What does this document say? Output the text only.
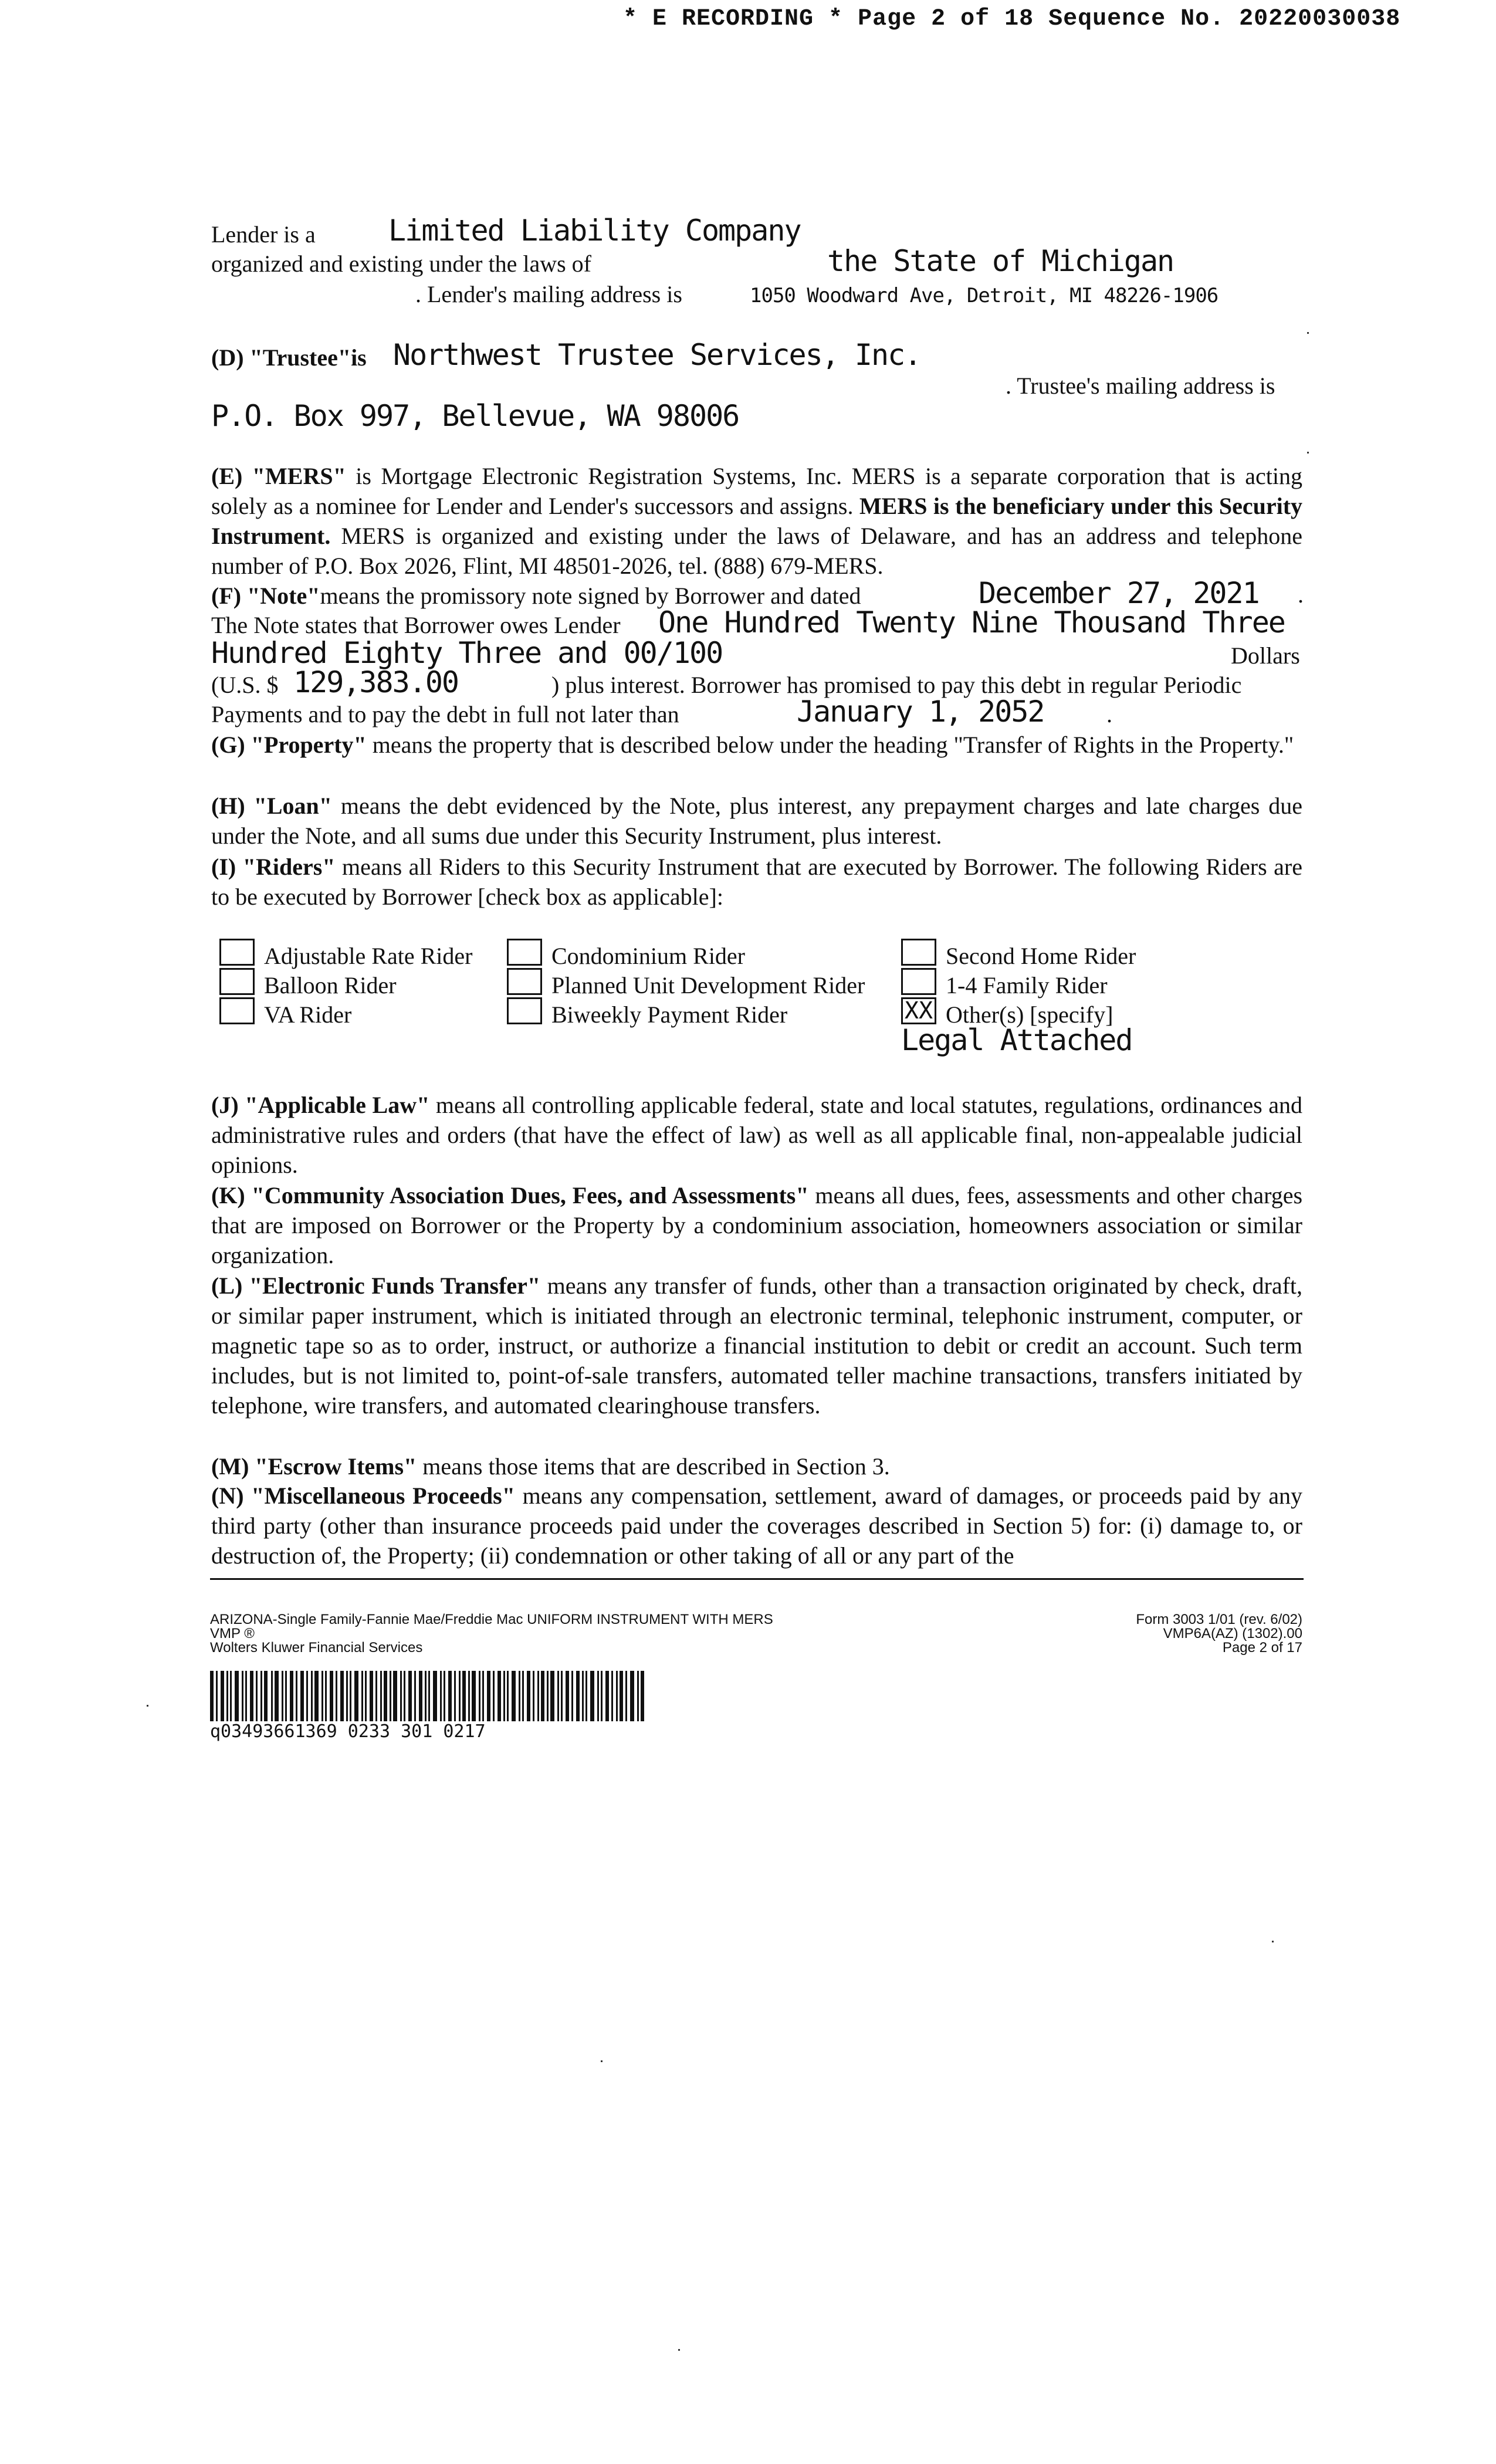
* E RECORDING * Page 2 of 18 Sequence No. 20220030038
Lender is a Limited Liability Company
organized and existing under the laws of	the State of Michigan
. Lender's mailing address is	1050 Woodward Ave, Detroit, MI 48226-1906
(D) "Trustee"is Northwest Trustee Services, Inc.
. Trustee's mailing address is
P.O. Box 997, Bellevue, WA 98006
(E) "MERS" is Mortgage Electronic Registration Systems, Inc. MERS is a separate corporation that is acting solely as a nominee for Lender and Lender's successors and assigns. MERS is the beneficiary under this Security Instrument. MERS is organized and existing under the laws of Delaware, and has an address and telephone number of P.O. Box 2026, Flint, MI 48501-2026, tel. (888) 679-MERS.
(F) "Note"means the promissory note signed by Borrower and dated	December 27, 2021 .
The Note states that Borrower owes Lender One Hundred Twenty Nine Thousand Three
Hundred Eighty Three and 00/100	Dollars
(U.S. $ 129,383.00	) plus interest. Borrower has promised to pay this debt in regular Periodic
Payments and to pay the debt in full not later than	January 1, 2052	.
(G) "Property" means the property that is described below under the heading "Transfer of Rights in the Property."
(H) "Loan" means the debt evidenced by the Note, plus interest, any prepayment charges and late charges due under the Note, and all sums due under this Security Instrument, plus interest.
(I) "Riders" means all Riders to this Security Instrument that are executed by Borrower. The following Riders are to be executed by Borrower [check box as applicable]:
Adjustable Rate Rider
Balloon Rider
VA Rider
Condominium Rider
Planned Unit Development Rider
Biweekly Payment Rider
Second Home Rider
1-4 Family Rider
XX Other(s) [specify]
Legal Attached
(J) "Applicable Law" means all controlling applicable federal, state and local statutes, regulations, ordinances and administrative rules and orders (that have the effect of law) as well as all applicable final, non-appealable judicial opinions.
(K) "Community Association Dues, Fees, and Assessments" means all dues, fees, assessments and other charges that are imposed on Borrower or the Property by a condominium association, homeowners association or similar organization.
(L) "Electronic Funds Transfer" means any transfer of funds, other than a transaction originated by check, draft, or similar paper instrument, which is initiated through an electronic terminal, telephonic instrument, computer, or magnetic tape so as to order, instruct, or authorize a financial institution to debit or credit an account. Such term includes, but is not limited to, point-of-sale transfers, automated teller machine transactions, transfers initiated by telephone, wire transfers, and automated clearinghouse transfers.
(M) "Escrow Items" means those items that are described in Section 3.
(N) "Miscellaneous Proceeds" means any compensation, settlement, award of damages, or proceeds paid by any third party (other than insurance proceeds paid under the coverages described in Section 5) for: (i) damage to, or destruction of, the Property; (ii) condemnation or other taking of all or any part of the
ARIZONA-Single Family-Fannie Mae/Freddie Mac UNIFORM INSTRUMENT WITH MERS
VMP ®
Wolters Kluwer Financial Services
Form 3003 1/01 (rev. 6/02)
VMP6A(AZ) (1302).00
Page 2 of 17
q03493661369 0233 301 0217
